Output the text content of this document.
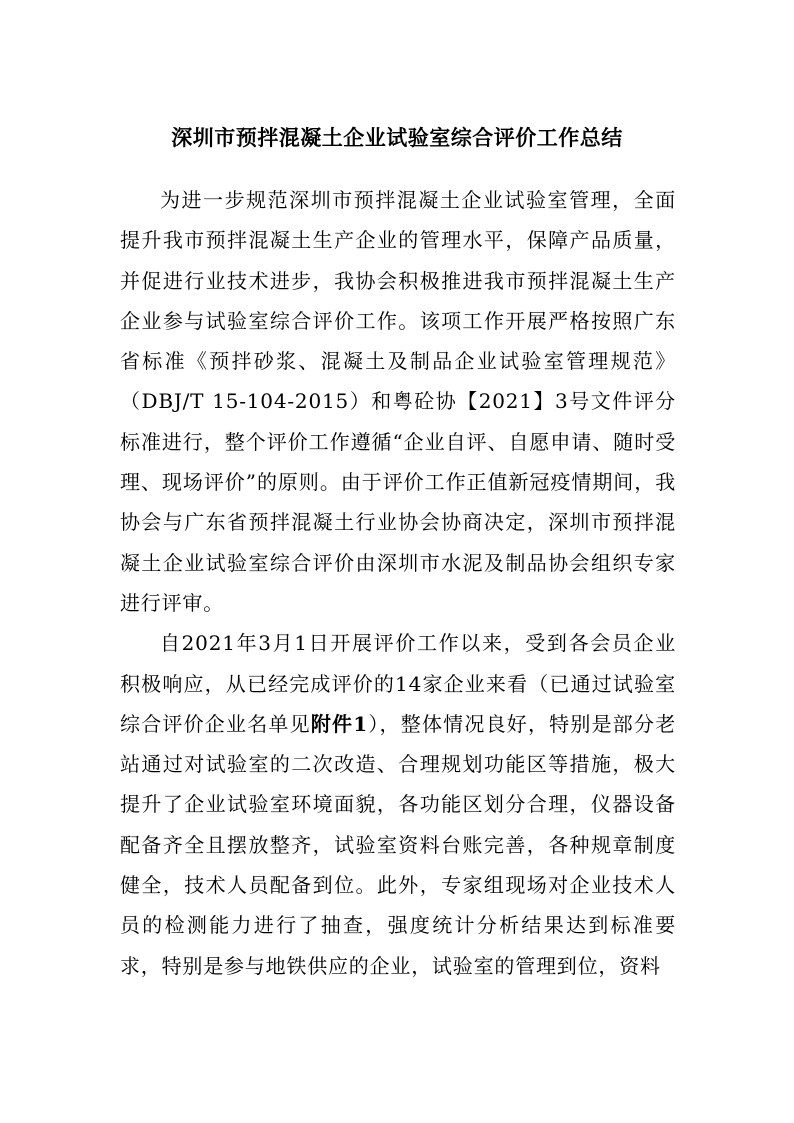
深圳市预拌混凝土企业试验室综合评价工作总结

为进一步规范深圳市预拌混凝土企业试验室管理，全面提升我市预拌混凝土生产企业的管理水平，保障产品质量，并促进行业技术进步，我协会积极推进我市预拌混凝土生产企业参与试验室综合评价工作。该项工作开展严格按照广东省标准《预拌砂浆、混凝土及制品企业试验室管理规范》（DBJ/T 15-104-2015）和粤砼协【2021】3号文件评分标准进行，整个评价工作遵循“企业自评、自愿申请、随时受理、现场评价”的原则。由于评价工作正值新冠疫情期间，我协会与广东省预拌混凝土行业协会协商决定，深圳市预拌混凝土企业试验室综合评价由深圳市水泥及制品协会组织专家进行评审。

自2021年3月1日开展评价工作以来，受到各会员企业积极响应，从已经完成评价的14家企业来看（已通过试验室综合评价企业名单见附件1），整体情况良好，特别是部分老站通过对试验室的二次改造、合理规划功能区等措施，极大提升了企业试验室环境面貌，各功能区划分合理，仪器设备配备齐全且摆放整齐，试验室资料台账完善，各种规章制度健全，技术人员配备到位。此外，专家组现场对企业技术人员的检测能力进行了抽查，强度统计分析结果达到标准要求，特别是参与地铁供应的企业，试验室的管理到位，资料
